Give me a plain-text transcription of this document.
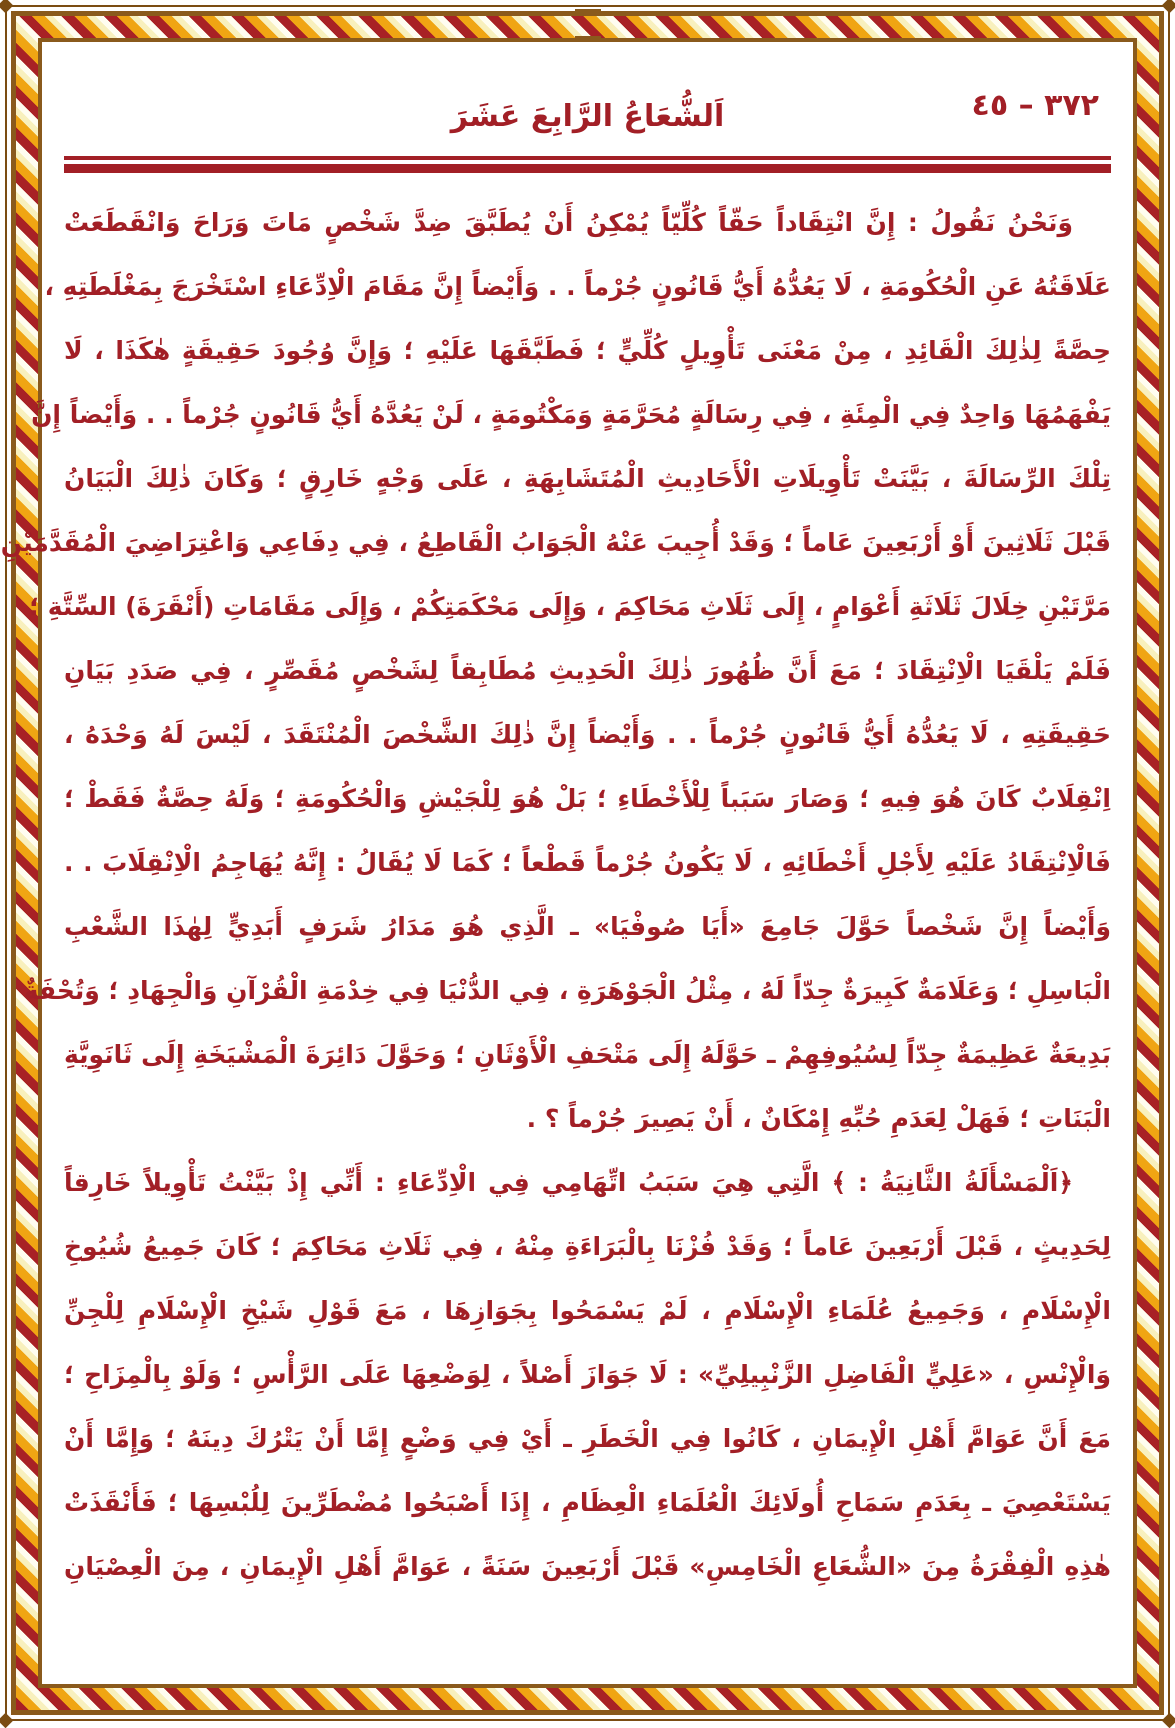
٣٧٢ – ٤٥
اَلشُّعَاعُ الرَّابِعَ عَشَرَ
وَنَحْنُ نَقُولُ : إِنَّ انْتِقَاداً حَقّاً كُلِّيّاً يُمْكِنُ أَنْ يُطَبَّقَ ضِدَّ شَخْصٍ مَاتَ وَرَاحَ وَانْقَطَعَتْ
عَلَاقَتُهُ عَنِ الْحُكُومَةِ ، لَا يَعُدُّهُ أَيُّ قَانُونٍ جُرْماً . . وَأَيْضاً إِنَّ مَقَامَ الْاِدِّعَاءِ اسْتَخْرَجَ بِمَغْلَطَتِهِ ،
حِصَّةً لِذٰلِكَ الْقَائِدِ ، مِنْ مَعْنَى تَأْوِيلٍ كُلِّيٍّ ؛ فَطَبَّقَهَا عَلَيْهِ ؛ وَإِنَّ وُجُودَ حَقِيقَةٍ هٰكَذَا ، لَا
يَفْهَمُهَا وَاحِدٌ فِي الْمِئَةِ ، فِي رِسَالَةٍ مُحَرَّمَةٍ وَمَكْتُومَةٍ ، لَنْ يَعُدَّهُ أَيُّ قَانُونٍ جُرْماً . . وَأَيْضاً إِنَّ
تِلْكَ الرِّسَالَةَ ، بَيَّنَتْ تَأْوِيلَاتِ الْأَحَادِيثِ الْمُتَشَابِهَةِ ، عَلَى وَجْهٍ خَارِقٍ ؛ وَكَانَ ذٰلِكَ الْبَيَانُ
قَبْلَ ثَلَاثِينَ أَوْ أَرْبَعِينَ عَاماً ؛ وَقَدْ أُجِيبَ عَنْهُ الْجَوَابُ الْقَاطِعُ ، فِي دِفَاعِي وَاعْتِرَاضِيَ الْمُقَدَّمَيْنِ
مَرَّتَيْنِ خِلَالَ ثَلَاثَةِ أَعْوَامٍ ، إِلَى ثَلَاثِ مَحَاكِمَ ، وَإِلَى مَحْكَمَتِكُمْ ، وَإِلَى مَقَامَاتِ (أَنْقَرَةَ) السِّتَّةِ ؛
فَلَمْ يَلْقَيَا الْاِنْتِقَادَ ؛ مَعَ أَنَّ ظُهُورَ ذٰلِكَ الْحَدِيثِ مُطَابِقاً لِشَخْصٍ مُقَصِّرٍ ، فِي صَدَدِ بَيَانِ
حَقِيقَتِهِ ، لَا يَعُدُّهُ أَيُّ قَانُونٍ جُرْماً . . وَأَيْضاً إِنَّ ذٰلِكَ الشَّخْصَ الْمُنْتَقَدَ ، لَيْسَ لَهُ وَحْدَهُ ،
اِنْقِلَابٌ كَانَ هُوَ فِيهِ ؛ وَصَارَ سَبَباً لِلْأَخْطَاءِ ؛ بَلْ هُوَ لِلْجَيْشِ وَالْحُكُومَةِ ؛ وَلَهُ حِصَّةٌ فَقَطْ ؛
فَالْاِنْتِقَادُ عَلَيْهِ لِأَجْلِ أَخْطَائِهِ ، لَا يَكُونُ جُرْماً قَطْعاً ؛ كَمَا لَا يُقَالُ : إِنَّهُ يُهَاجِمُ الْاِنْقِلَابَ . .
وَأَيْضاً إِنَّ شَخْصاً حَوَّلَ جَامِعَ «أَيَا صُوفْيَا» ـ الَّذِي هُوَ مَدَارُ شَرَفٍ أَبَدِيٍّ لِهٰذَا الشَّعْبِ
الْبَاسِلِ ؛ وَعَلَامَةٌ كَبِيرَةٌ جِدّاً لَهُ ، مِثْلُ الْجَوْهَرَةِ ، فِي الدُّنْيَا فِي خِدْمَةِ الْقُرْآنِ وَالْجِهَادِ ؛ وَتُحْفَةٌ
بَدِيعَةٌ عَظِيمَةٌ جِدّاً لِسُيُوفِهِمْ ـ حَوَّلَهُ إِلَى مَتْحَفِ الْأَوْثَانِ ؛ وَحَوَّلَ دَائِرَةَ الْمَشْيَخَةِ إِلَى ثَانَوِيَّةِ
الْبَنَاتِ ؛ فَهَلْ لِعَدَمِ حُبِّهِ إِمْكَانٌ ، أَنْ يَصِيرَ جُرْماً ؟ .
﴿اَلْمَسْأَلَةُ الثَّانِيَةُ : ﴾ الَّتِي هِيَ سَبَبُ اتِّهَامِي فِي الْاِدِّعَاءِ : أَنِّي إِذْ بَيَّنْتُ تَأْوِيلاً خَارِقاً
لِحَدِيثٍ ، قَبْلَ أَرْبَعِينَ عَاماً ؛ وَقَدْ فُزْنَا بِالْبَرَاءَةِ مِنْهُ ، فِي ثَلَاثِ مَحَاكِمَ ؛ كَانَ جَمِيعُ شُيُوخِ
الْإِسْلَامِ ، وَجَمِيعُ عُلَمَاءِ الْإِسْلَامِ ، لَمْ يَسْمَحُوا بِجَوَازِهَا ، مَعَ قَوْلِ شَيْخِ الْإِسْلَامِ لِلْجِنِّ
وَالْإِنْسِ ، «عَلِيٍّ الْفَاضِلِ الزَّنْبِيلِيِّ» : لَا جَوَازَ أَصْلاً ، لِوَضْعِهَا عَلَى الرَّأْسِ ؛ وَلَوْ بِالْمِزَاحِ ؛
مَعَ أَنَّ عَوَامَّ أَهْلِ الْإِيمَانِ ، كَانُوا فِي الْخَطَرِ ـ أَيْ فِي وَضْعٍ إِمَّا أَنْ يَتْرُكَ دِينَهُ ؛ وَإِمَّا أَنْ
يَسْتَعْصِيَ ـ بِعَدَمِ سَمَاحِ أُولَائِكَ الْعُلَمَاءِ الْعِظَامِ ، إِذَا أَصْبَحُوا مُضْطَرِّينَ لِلُبْسِهَا ؛ فَأَنْقَذَتْ
هٰذِهِ الْفِقْرَةُ مِنَ «الشُّعَاعِ الْخَامِسِ» قَبْلَ أَرْبَعِينَ سَنَةً ، عَوَامَّ أَهْلِ الْإِيمَانِ ، مِنَ الْعِصْيَانِ
